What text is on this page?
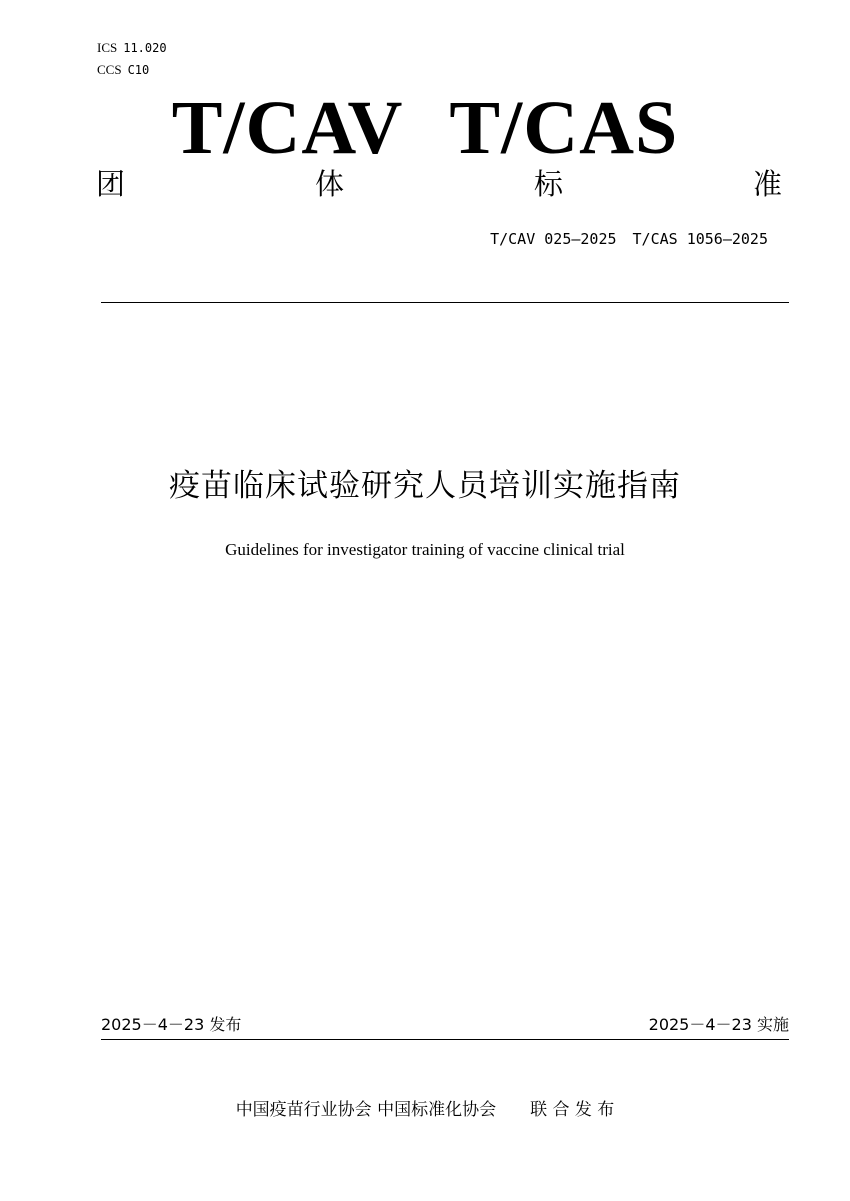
ICS 11.020
CCS C10
T/CAV T/CAS
团	体	标	准
T/CAV 025—2025 T/CAS 1056—2025
疫苗临床试验研究人员培训实施指南
Guidelines for investigator training of vaccine clinical trial
2025－4－23 发布	2025－4－23 实施
中国疫苗行业协会 中国标准化协会 联 合 发 布
